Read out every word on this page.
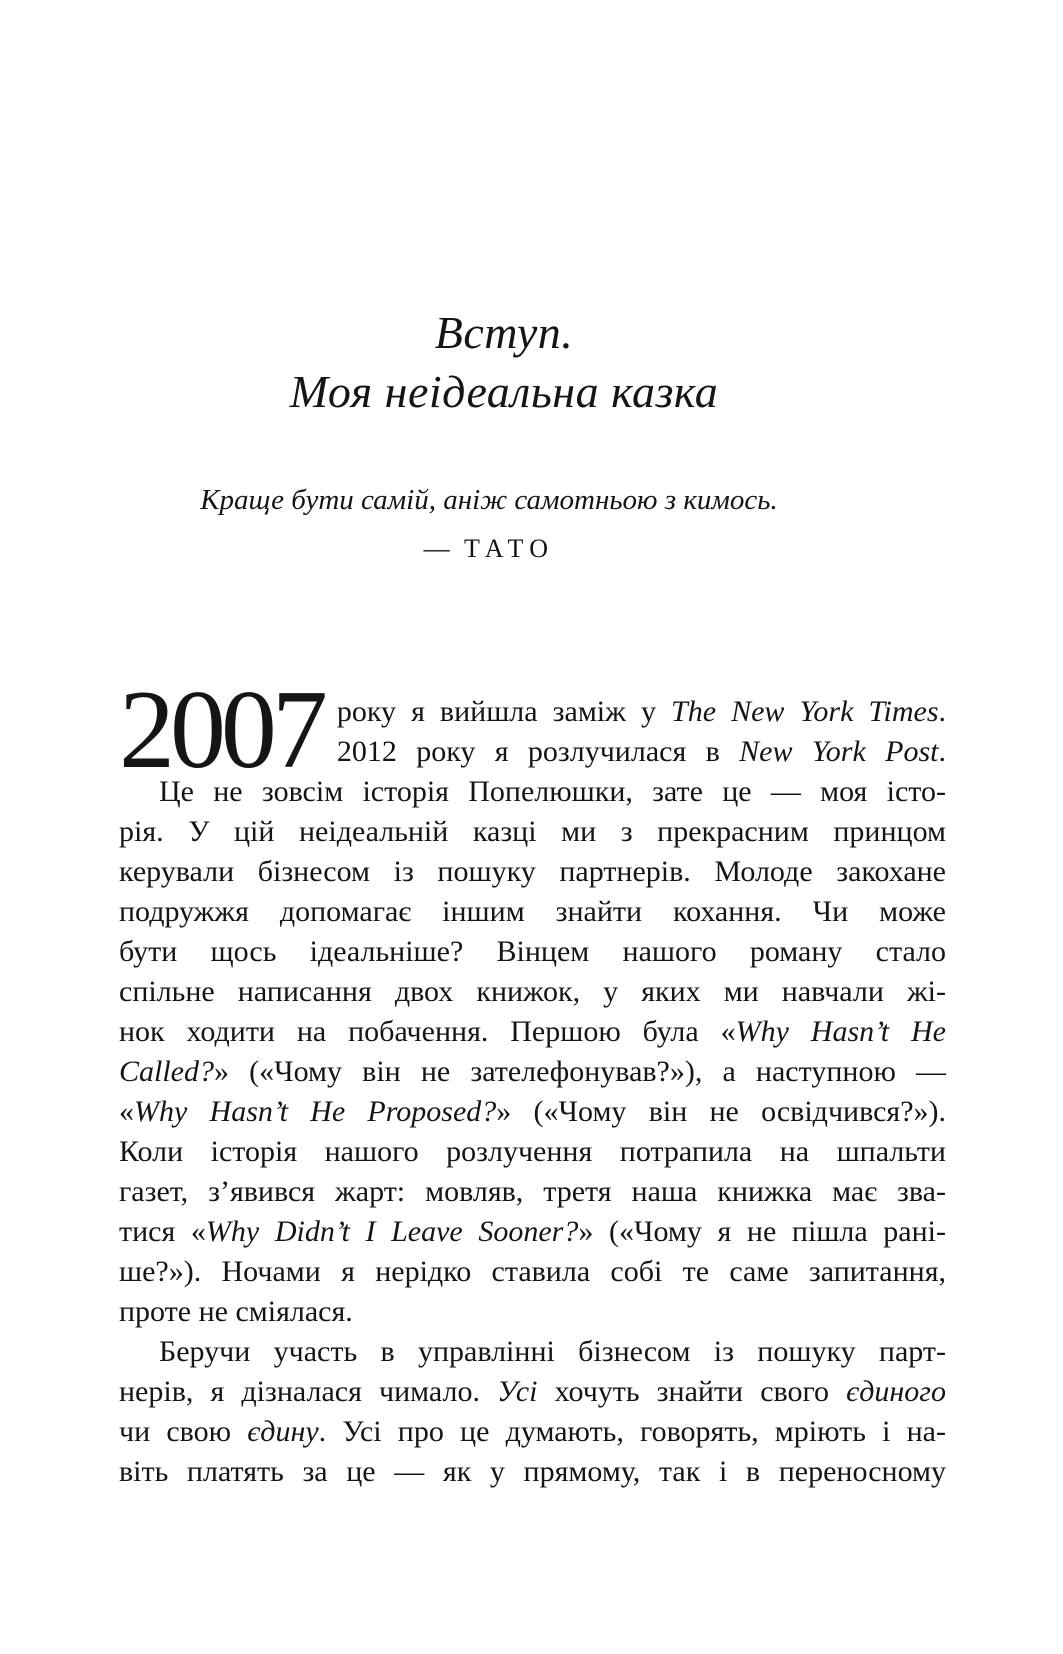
Вступ.
Моя неідеальна казка
Краще бути самій, аніж самотньою з кимось.
— ТАТО
2007 року я вийшла заміж у The New York Times.
2012 року я розлучилася в New York Post.
Це не зовсім історія Попелюшки, зате це — моя істо-
рія. У цій неідеальній казці ми з прекрасним принцом
керували бізнесом із пошуку партнерів. Молоде закохане
подружжя допомагає іншим знайти кохання. Чи може
бути щось ідеальніше? Вінцем нашого роману стало
спільне написання двох книжок, у яких ми навчали жі-
нок ходити на побачення. Першою була «Why Hasn’t He
Called?» («Чому він не зателефонував?»), а наступною —
«Why Hasn’t He Proposed?» («Чому він не освідчився?»).
Коли історія нашого розлучення потрапила на шпальти
газет, з’явився жарт: мовляв, третя наша книжка має зва-
тися «Why Didn’t I Leave Sooner?» («Чому я не пішла рані-
ше?»). Ночами я нерідко ставила собі те саме запитання,
проте не сміялася.
Беручи участь в управлінні бізнесом із пошуку парт-
нерів, я дізналася чимало. Усі хочуть знайти свого єдиного
чи свою єдину. Усі про це думають, говорять, мріють і на-
віть платять за це — як у прямому, так і в переносному
